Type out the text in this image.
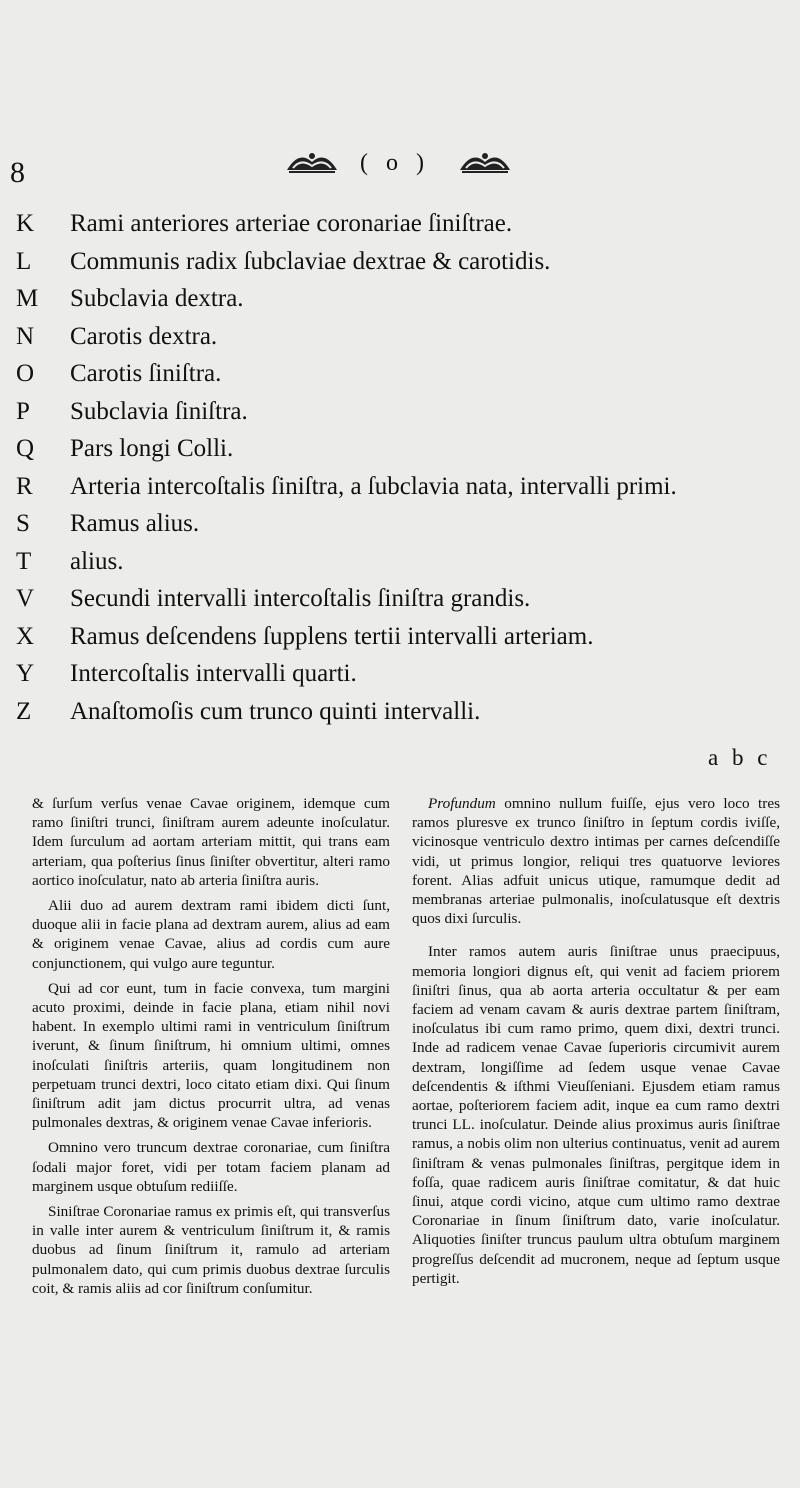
8	( o )
K	Rami anteriores arteriae coronariae ſiniſtrae.
L	Communis radix ſubclaviae dextrae & carotidis.
M	Subclavia dextra.
N	Carotis dextra.
O	Carotis ſiniſtra.
P	Subclavia ſiniſtra.
Q	Pars longi Colli.
R	Arteria intercoſtalis ſiniſtra, a ſubclavia nata, intervalli primi.
S	Ramus alius.
T	alius.
V	Secundi intervalli intercoſtalis ſiniſtra grandis.
X	Ramus deſcendens ſupplens tertii intervalli arteriam.
Y	Intercoſtalis intervalli quarti.
Z	Anaſtomoſis cum trunco quinti intervalli.
a b c

& ſurſum verſus venae Cavae originem, idemque cum ramo ſiniſtri trunci, ſiniſtram aurem adeunte inoſculatur. Idem ſurculum ad aortam arteriam mittit, qui trans eam arteriam, qua poſterius ſinus ſiniſter obvertitur, alteri ramo aortico inoſculatur, nato ab arteria ſiniſtra auris.

Alii duo ad aurem dextram rami ibidem dicti ſunt, duoque alii in facie plana ad dextram aurem, alius ad eam & originem venae Cavae, alius ad cordis cum aure conjunctionem, qui vulgo aure teguntur.

Qui ad cor eunt, tum in facie convexa, tum margini acuto proximi, deinde in facie plana, etiam nihil novi habent. In exemplo ultimi rami in ventriculum ſiniſtrum iverunt, & ſinum ſiniſtrum, hi omnium ultimi, omnes inoſculati ſiniſtris arteriis, quam longitudinem non perpetuam trunci dextri, loco citato etiam dixi. Qui ſinum ſiniſtrum adit jam dictus procurrit ultra, ad venas pulmonales dextras, & originem venae Cavae inferioris.

Omnino vero truncum dextrae coronariae, cum ſiniſtra ſodali major foret, vidi per totam faciem planam ad marginem usque obtuſum rediiſſe.

Siniſtrae Coronariae ramus ex primis eſt, qui transverſus in valle inter aurem & ventriculum ſiniſtrum it, & ramis duobus ad ſinum ſiniſtrum it, ramulo ad arteriam pulmonalem dato, qui cum primis duobus dextrae ſurculis coit, & ramis aliis ad cor ſiniſtrum conſumitur.

Profundum omnino nullum fuiſſe, ejus vero loco tres ramos pluresve ex trunco ſiniſtro in ſeptum cordis iviſſe, vicinosque ventriculo dextro intimas per carnes deſcendiſſe vidi, ut primus longior, reliqui tres quatuorve leviores forent. Alias adfuit unicus utique, ramumque dedit ad membranas arteriae pulmonalis, inoſculatusque eſt dextris quos dixi ſurculis.

Inter ramos autem auris ſiniſtrae unus praecipuus, memoria longiori dignus eſt, qui venit ad faciem priorem ſiniſtri ſinus, qua ab aorta arteria occultatur & per eam faciem ad venam cavam & auris dextrae partem ſiniſtram, inoſculatus ibi cum ramo primo, quem dixi, dextri trunci. Inde ad radicem venae Cavae ſuperioris circumivit aurem dextram, longiſſime ad ſedem usque venae Cavae deſcendentis & iſthmi Vieuſſeniani. Ejusdem etiam ramus aortae, poſteriorem faciem adit, inque ea cum ramo dextri trunci LL. inoſculatur. Deinde alius proximus auris ſiniſtrae ramus, a nobis olim non ulterius continuatus, venit ad aurem ſiniſtram & venas pulmonales ſiniſtras, pergitque idem in foſſa, quae radicem auris ſiniſtrae comitatur, & dat huic ſinui, atque cordi vicino, atque cum ultimo ramo dextrae Coronariae in ſinum ſiniſtrum dato, varie inoſculatur. Aliquoties ſiniſter truncus paulum ultra obtuſum marginem progreſſus deſcendit ad mucronem, neque ad ſeptum usque pertigit.
